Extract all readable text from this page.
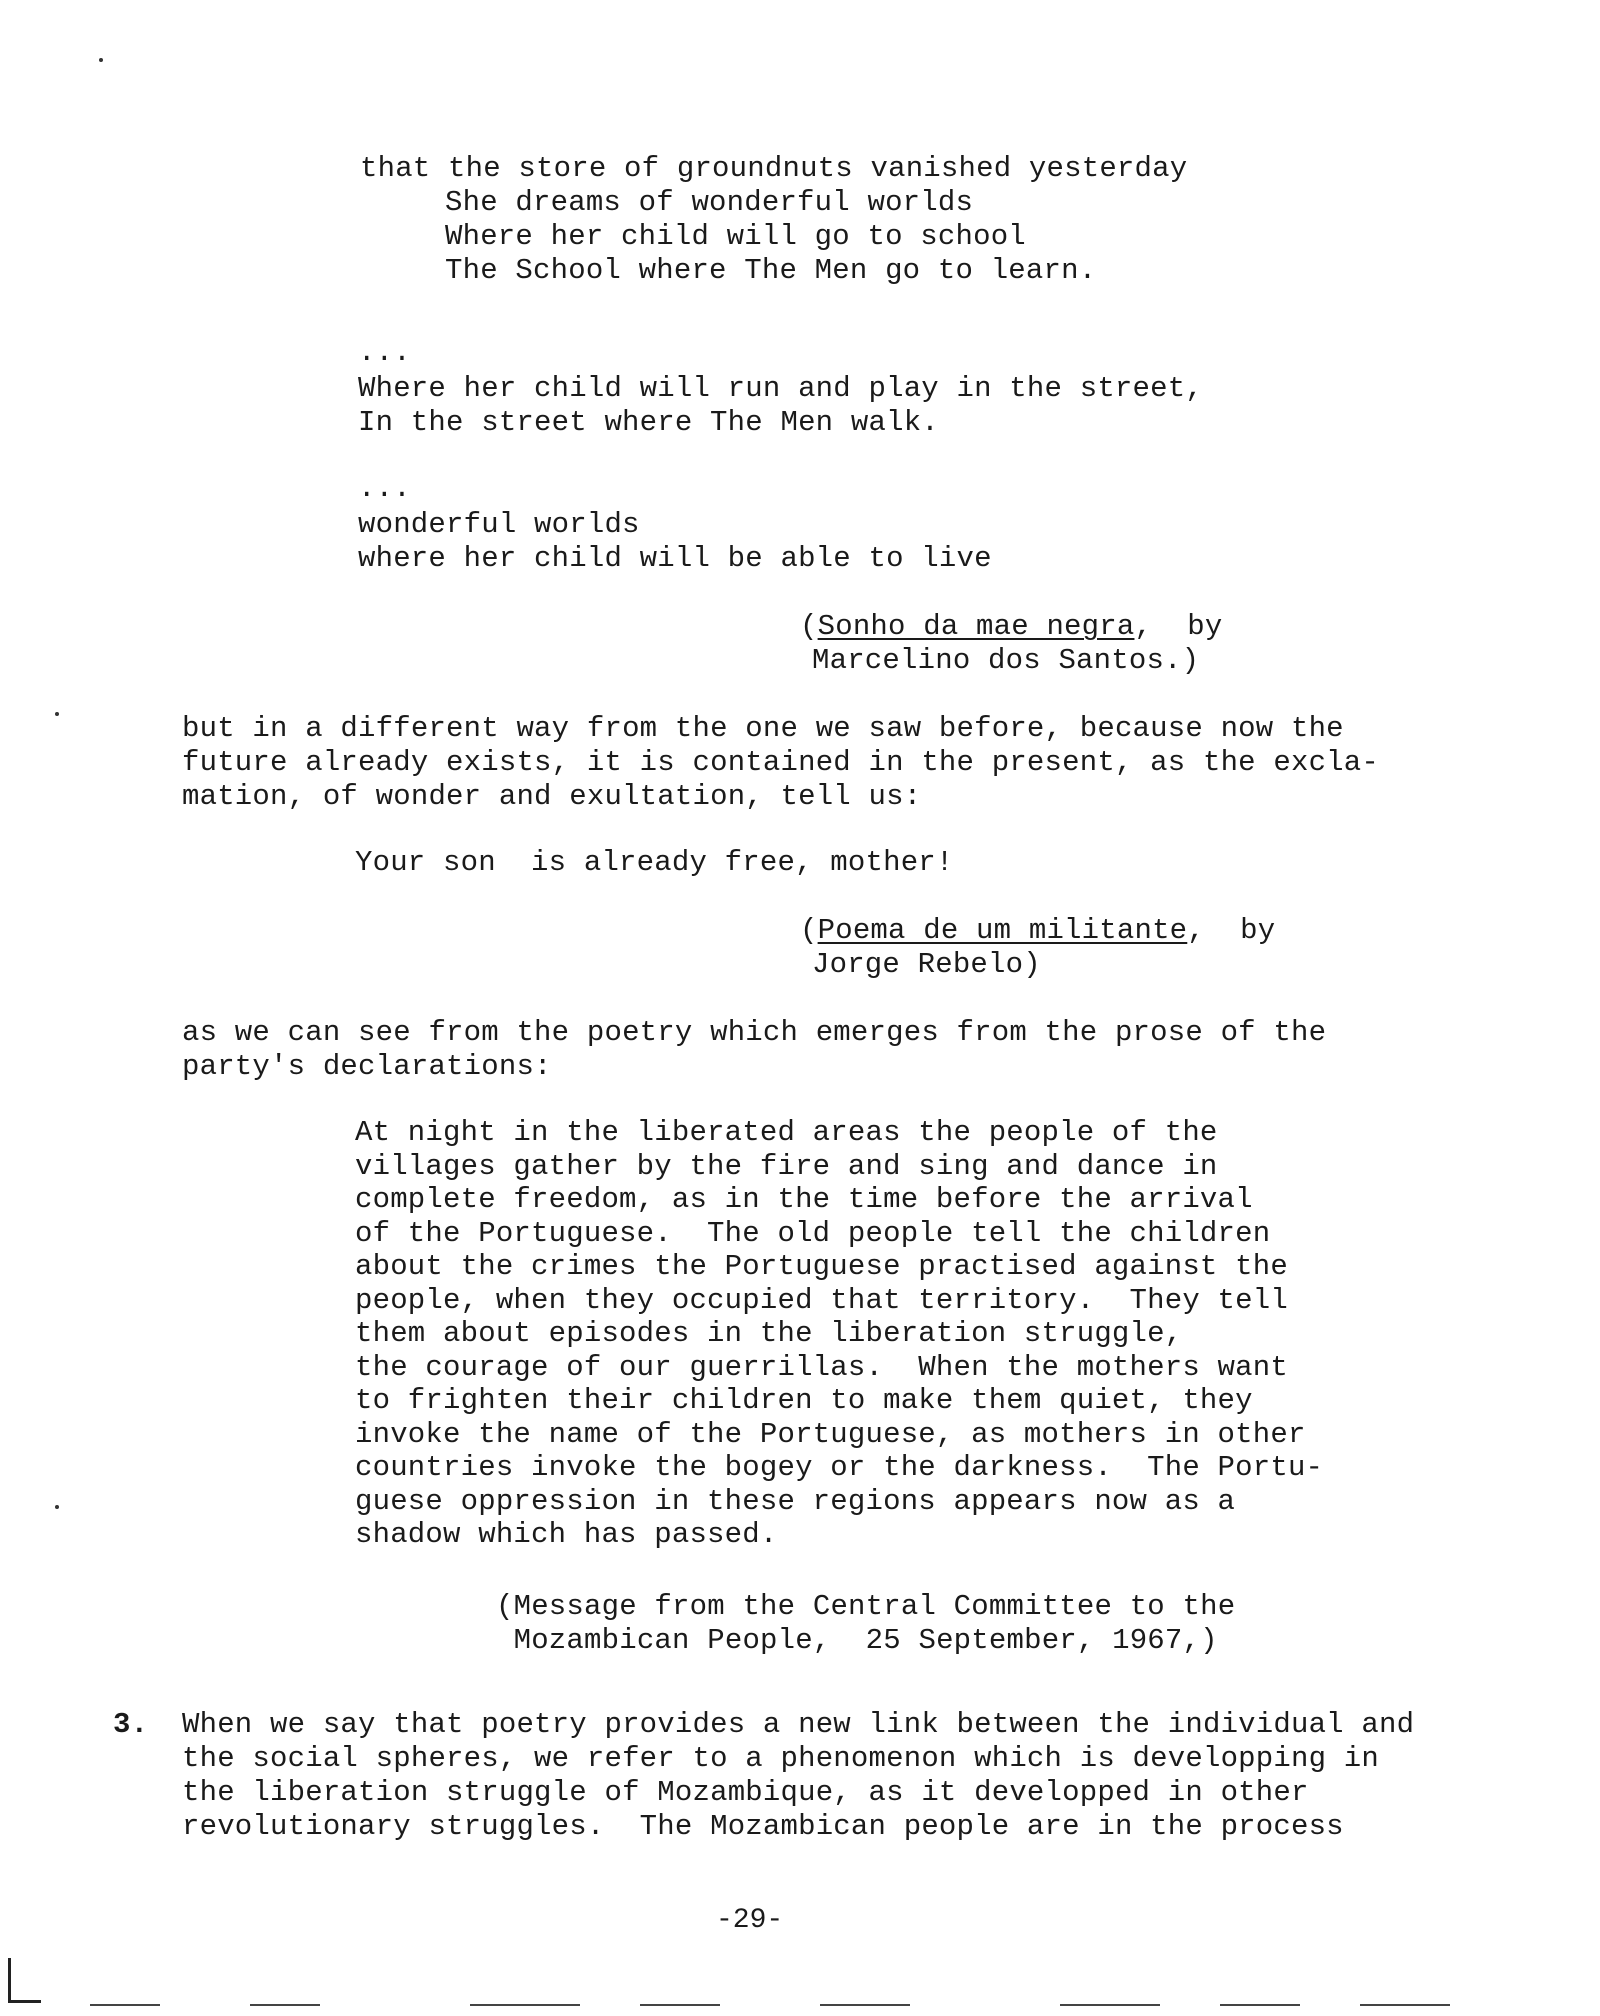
that the store of groundnuts vanished yesterday
She dreams of wonderful worlds
Where her child will go to school
The School where The Men go to learn.
...
Where her child will run and play in the street,
In the street where The Men walk.
...
wonderful worlds
where her child will be able to live
(Sonho da mae negra,  by
Marcelino dos Santos.)
but in a different way from the one we saw before, because now the
future already exists, it is contained in the present, as the excla-
mation, of wonder and exultation, tell us:
Your son  is already free, mother!
(Poema de um militante,  by
Jorge Rebelo)
as we can see from the poetry which emerges from the prose of the
party's declarations:
At night in the liberated areas the people of the
villages gather by the fire and sing and dance in
complete freedom, as in the time before the arrival
of the Portuguese.  The old people tell the children
about the crimes the Portuguese practised against the
people, when they occupied that territory.  They tell
them about episodes in the liberation struggle,
the courage of our guerrillas.  When the mothers want
to frighten their children to make them quiet, they
invoke the name of the Portuguese, as mothers in other
countries invoke the bogey or the darkness.  The Portu-
guese oppression in these regions appears now as a
shadow which has passed.
(Message from the Central Committee to the
Mozambican People,  25 September, 1967,)
3. When we say that poetry provides a new link between the individual and
the social spheres, we refer to a phenomenon which is developping in
the liberation struggle of Mozambique, as it developped in other
revolutionary struggles.  The Mozambican people are in the process
-29-
